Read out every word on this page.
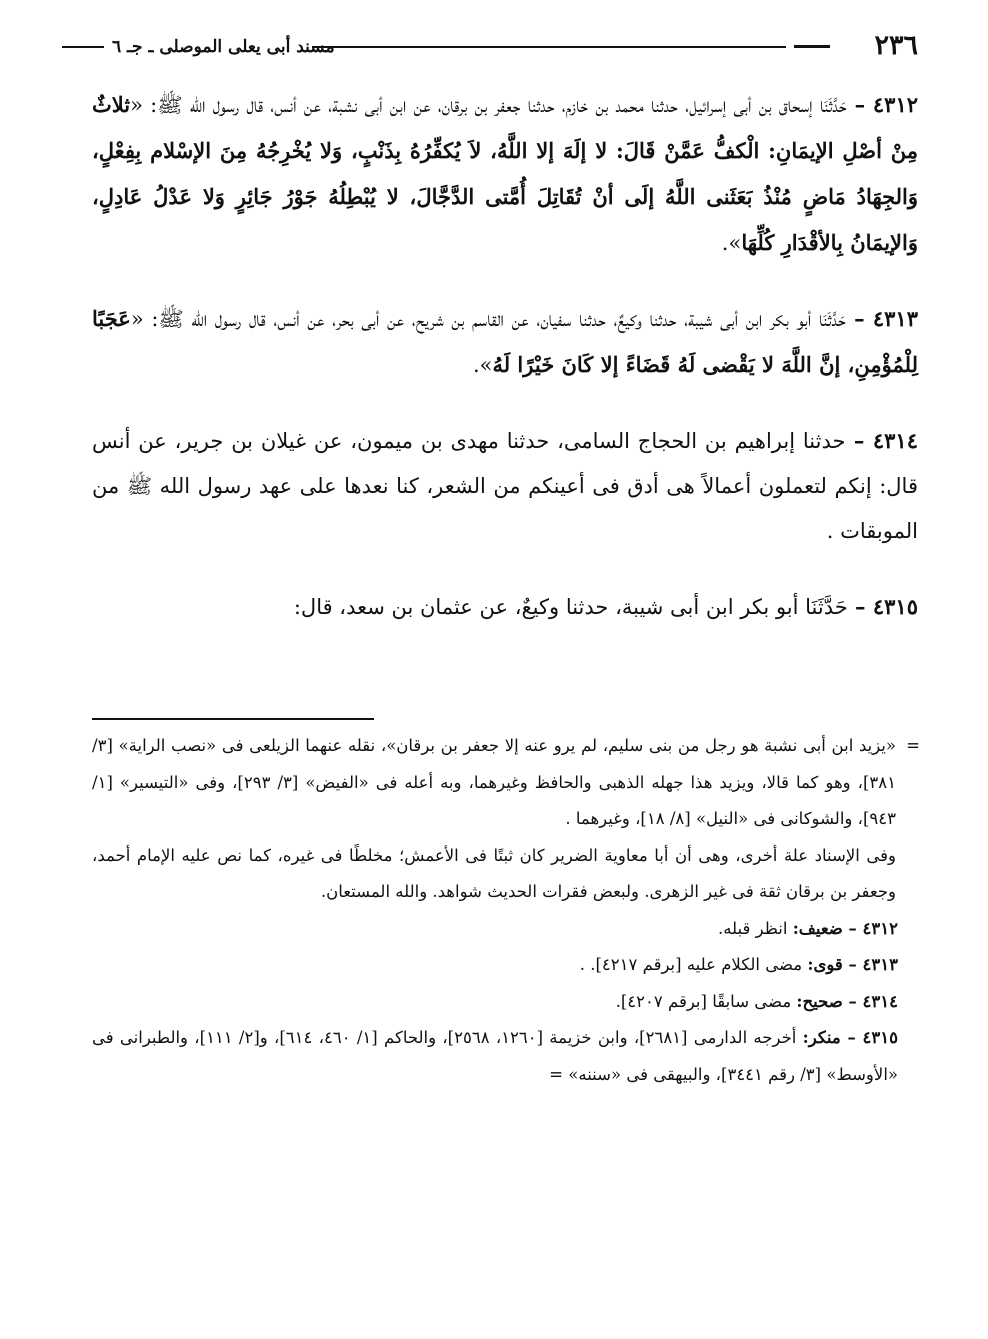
٢٣٦
مسند أبى يعلى الموصلى ـ جـ ٦

٤٣١٢ – حَدَّثَنَا إسحاق بن أبى إسرائيل، حدثنا محمد بن خازم، حدثنا جعفر بن برقان، عن ابن أبى نشبة، عن أنس، قال رسول الله ﷺ: «ثلاثٌ مِنْ أصْلِ الإيمَانِ: الْكفُّ عَمَّنْ قَالَ: لا إلَهَ إلا اللَّهُ، لاَ يُكفِّرُهُ بِذَنْبٍ، وَلا يُخْرِجُهُ مِنَ الإسْلام بِفِعْلٍ، وَالجِهَادُ مَاضٍ مُنْذُ بَعَثَنى اللَّهُ إلَى أنْ تُقَاتِلَ أُمَّتى الدَّجَّالَ، لا يُبْطِلُهُ جَوْرُ جَائِرٍ وَلا عَدْلُ عَادِلٍ، وَالإيمَانُ بِالأقْدَارِ كُلِّهَا».

٤٣١٣ – حَدَّثَنَا أبو بكر ابن أبى شيبة، حدثنا وكيعٌ، حدثنا سفيان، عن القاسم بن شريح، عن أبى بحر، عن أنس، قال رسول الله ﷺ: «عَجَبًا لِلْمُؤْمِنِ، إنَّ اللَّهَ لا يَقْضى لَهُ قَضَاءً إلا كَانَ خَيْرًا لَهُ».

٤٣١٤ – حدثنا إبراهيم بن الحجاج السامى، حدثنا مهدى بن ميمون، عن غيلان بن جرير، عن أنس قال: إنكم لتعملون أعمالاً هى أدق فى أعينكم من الشعر، كنا نعدها على عهد رسول الله ﷺ من الموبقات .

٤٣١٥ – حَدَّثَنَا أبو بكر ابن أبى شيبة، حدثنا وكيعٌ، عن عثمان بن سعد، قال:

=
«يزيد ابن أبى نشبة هو رجل من بنى سليم، لم يرو عنه إلا جعفر بن برقان»، نقله عنهما الزيلعى فى «نصب الراية» [٣/ ٣٨١]، وهو كما قالا، ويزيد هذا جهله الذهبى والحافظ وغيرهما، وبه أعله فى «الفيض» [٣/ ٢٩٣]، وفى «التيسير» [١/ ٩٤٣]، والشوكانى فى «النيل» [٨/ ١٨]، وغيرهما .

وفى الإسناد علة أخرى، وهى أن أبا معاوية الضرير كان ثبتًا فى الأعمش؛ مخلطًا فى غيره، كما نص عليه الإمام أحمد، وجعفر بن برقان ثقة فى غير الزهرى. ولبعض فقرات الحديث شواهد. والله المستعان.

٤٣١٢ – ضعيف: انظر قبله.

٤٣١٣ – قوى: مضى الكلام عليه [برقم ٤٢١٧]. .

٤٣١٤ – صحيح: مضى سابقًا [برقم ٤٢٠٧].

٤٣١٥ – منكر: أخرجه الدارمى [٢٦٨١]، وابن خزيمة [١٢٦٠، ٢٥٦٨]، والحاكم [١/ ٤٦٠، ٦١٤]، و[٢/ ١١١]، والطبرانى فى «الأوسط» [٣/ رقم ٣٤٤١]، والبيهقى فى «سننه» =
